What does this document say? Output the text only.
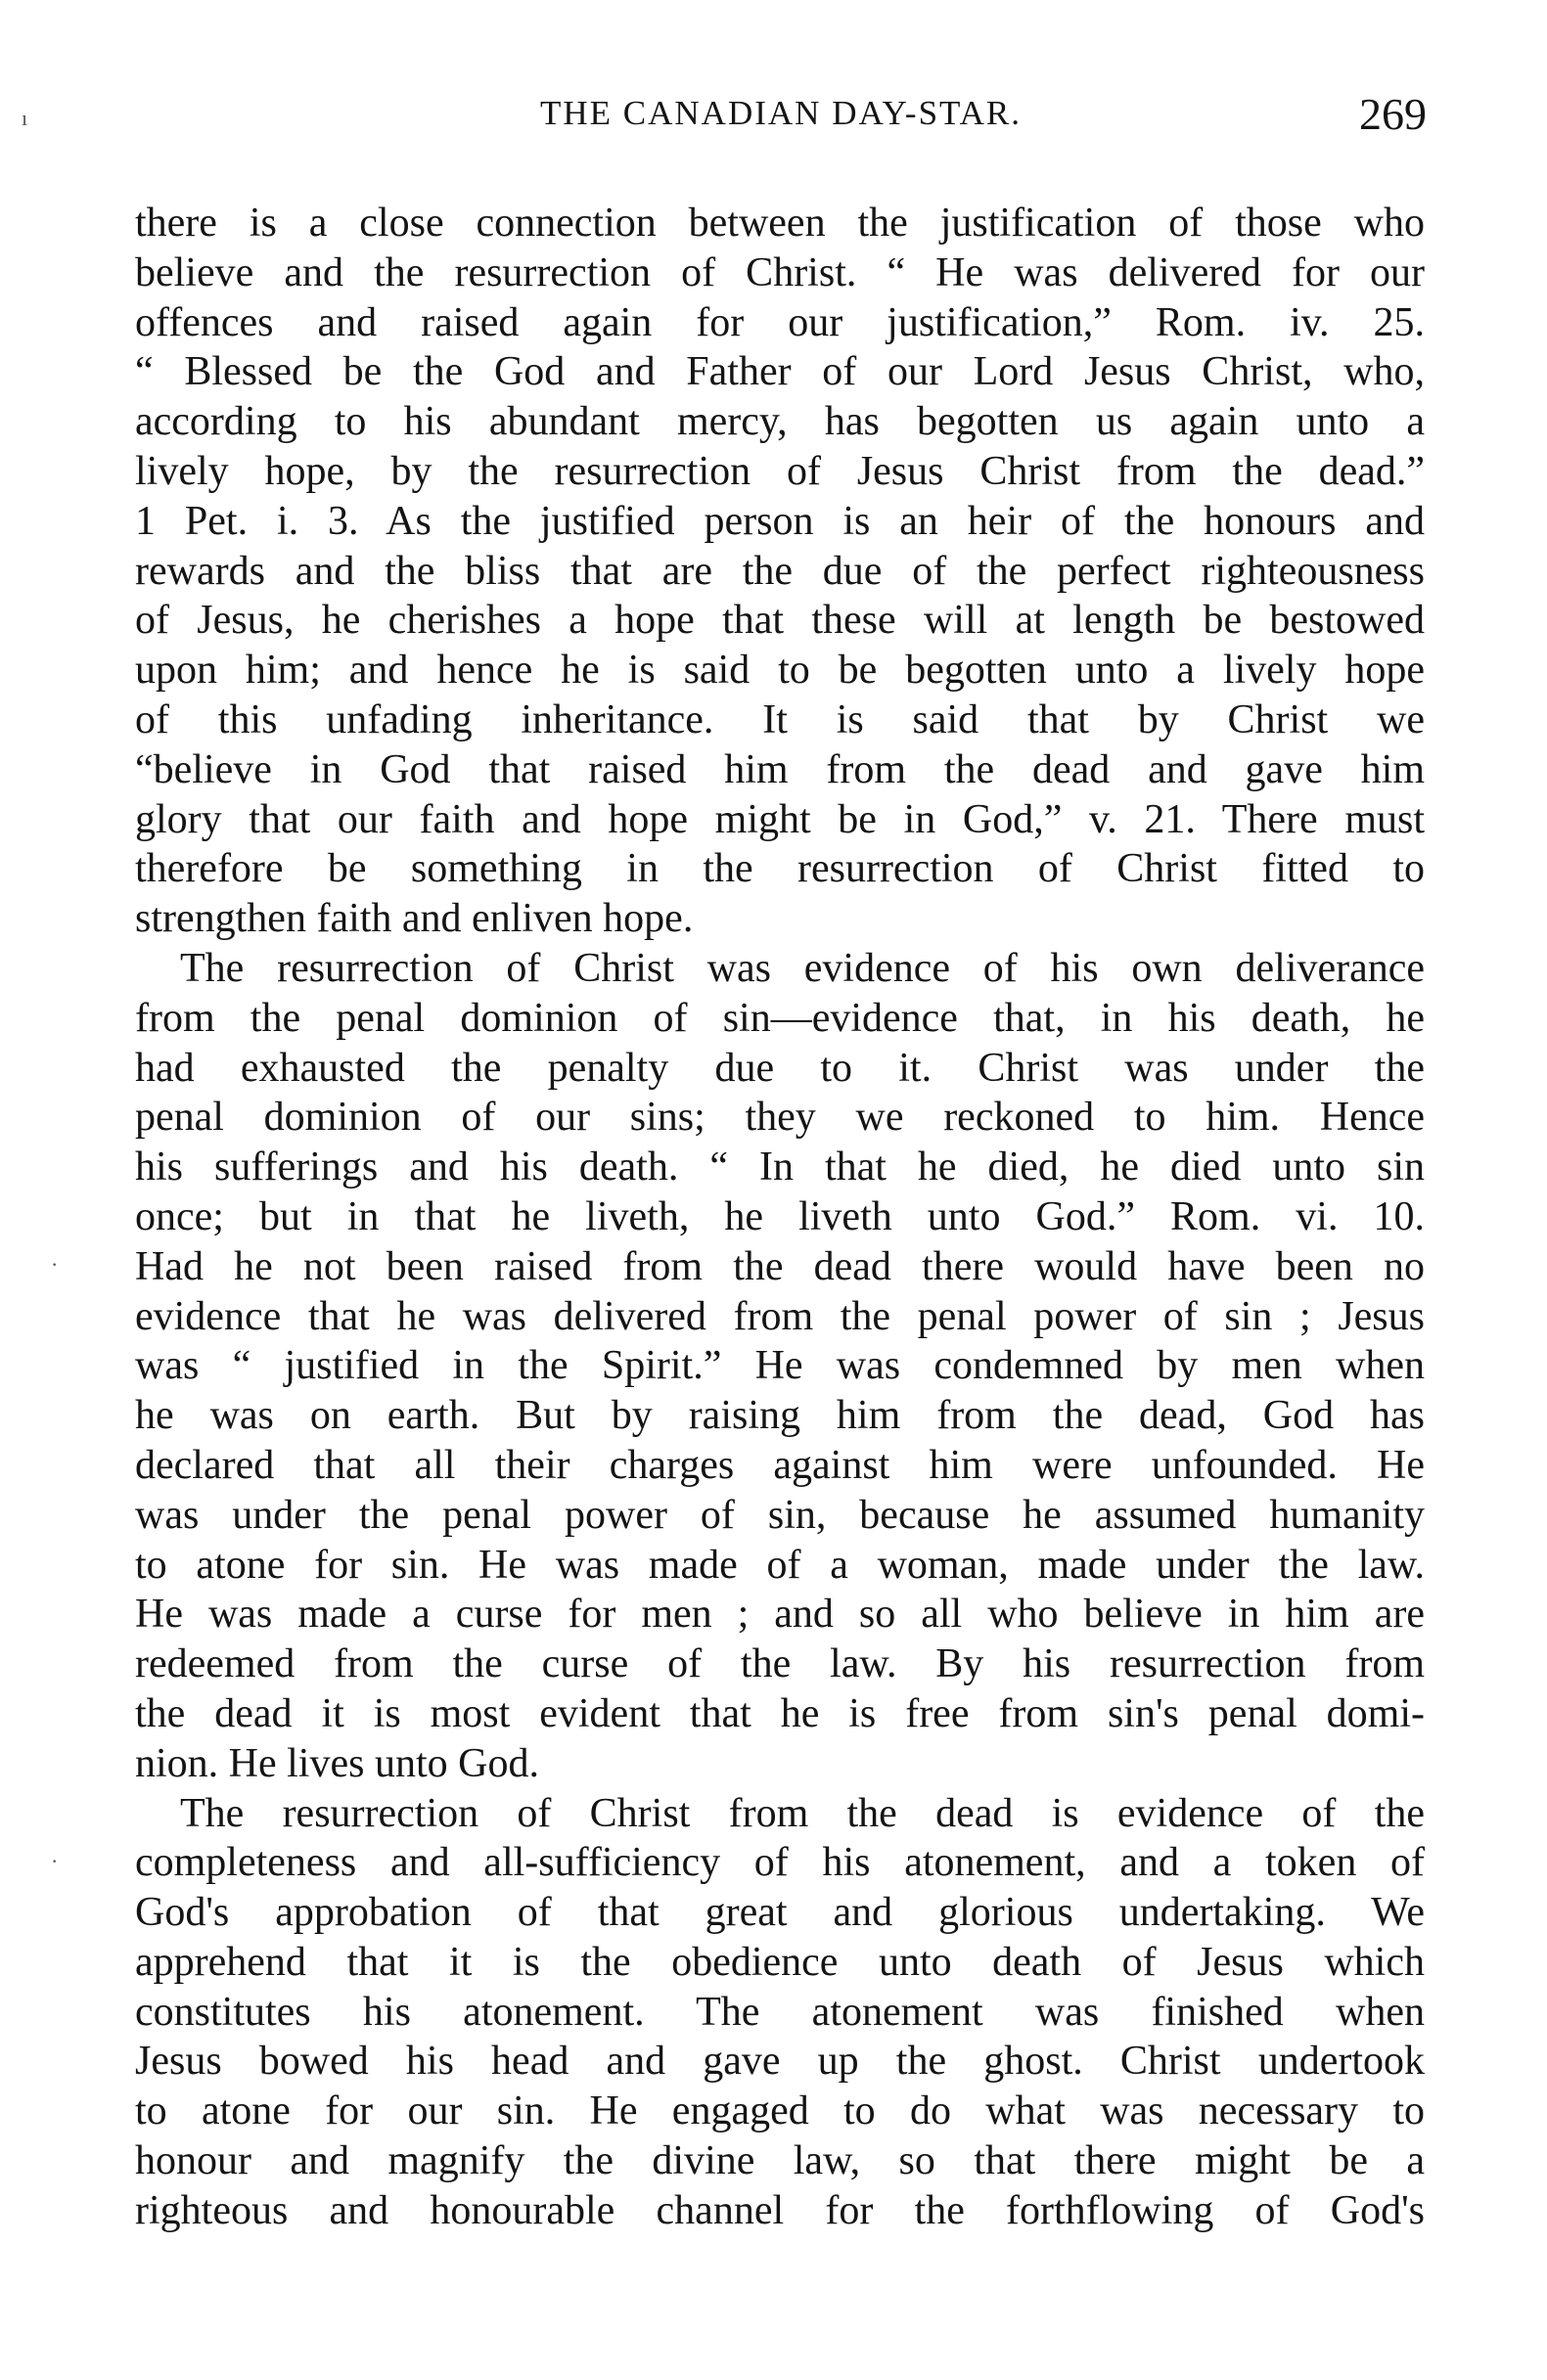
THE CANADIAN DAY-STAR.	269
ı
·
·
there is a close connection between the justification of those who
believe and the resurrection of Christ. “ He was delivered for our
offences and raised again for our justification,” Rom. iv. 25.
“ Blessed be the God and Father of our Lord Jesus Christ, who,
according to his abundant mercy, has begotten us again unto a
lively hope, by the resurrection of Jesus Christ from the dead.”
1 Pet. i. 3. As the justified person is an heir of the honours and
rewards and the bliss that are the due of the perfect righteousness
of Jesus, he cherishes a hope that these will at length be bestowed
upon him; and hence he is said to be begotten unto a lively hope
of this unfading inheritance. It is said that by Christ we
“believe in God that raised him from the dead and gave him
glory that our faith and hope might be in God,” v. 21. There must
therefore be something in the resurrection of Christ fitted to
strengthen faith and enliven hope.
The resurrection of Christ was evidence of his own deliverance
from the penal dominion of sin—evidence that, in his death, he
had exhausted the penalty due to it. Christ was under the
penal dominion of our sins; they we reckoned to him. Hence
his sufferings and his death. “ In that he died, he died unto sin
once; but in that he liveth, he liveth unto God.” Rom. vi. 10.
Had he not been raised from the dead there would have been no
evidence that he was delivered from the penal power of sin ; Jesus
was “ justified in the Spirit.” He was condemned by men when
he was on earth. But by raising him from the dead, God has
declared that all their charges against him were unfounded. He
was under the penal power of sin, because he assumed humanity
to atone for sin. He was made of a woman, made under the law.
He was made a curse for men ; and so all who believe in him are
redeemed from the curse of the law. By his resurrection from
the dead it is most evident that he is free from sin's penal domi-
nion. He lives unto God.
The resurrection of Christ from the dead is evidence of the
completeness and all-sufficiency of his atonement, and a token of
God's approbation of that great and glorious undertaking. We
apprehend that it is the obedience unto death of Jesus which
constitutes his atonement. The atonement was finished when
Jesus bowed his head and gave up the ghost. Christ undertook
to atone for our sin. He engaged to do what was necessary to
honour and magnify the divine law, so that there might be a
righteous and honourable channel for the forthflowing of God's
